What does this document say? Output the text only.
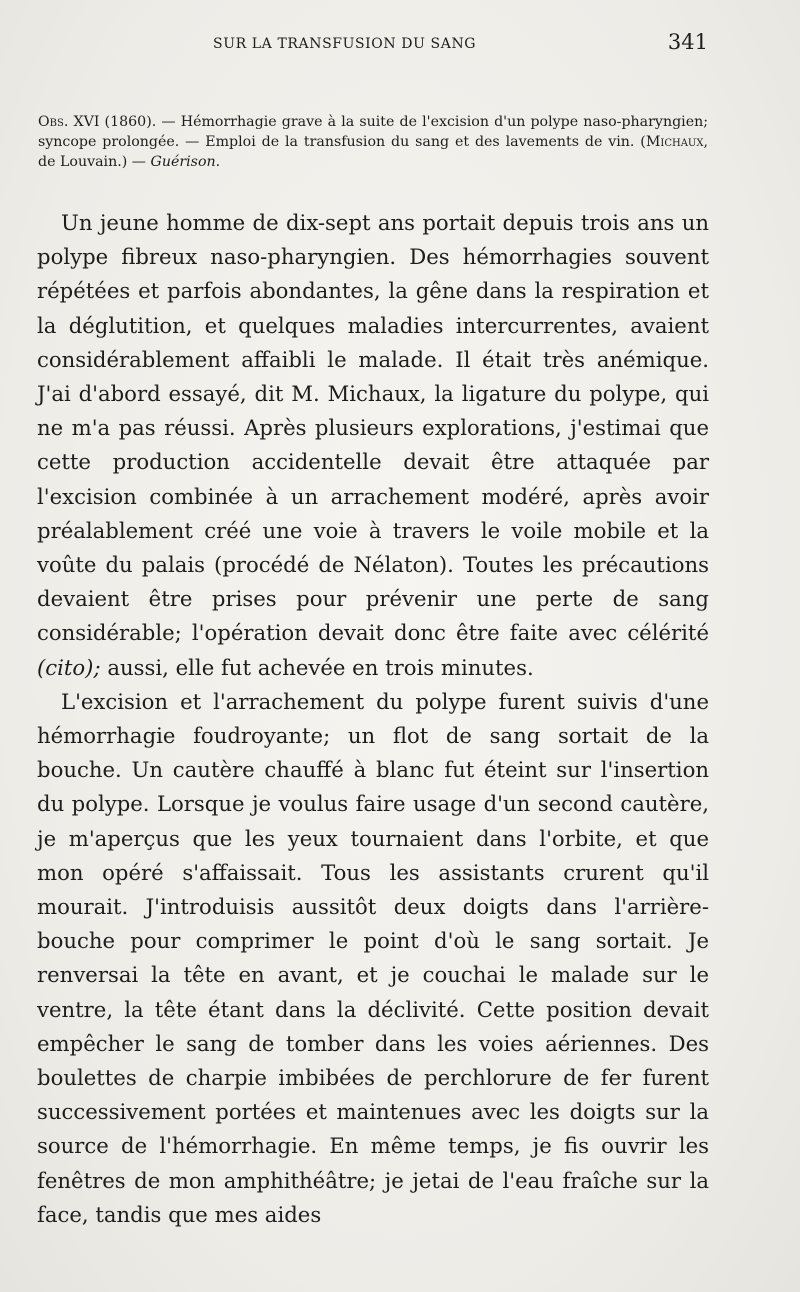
SUR LA TRANSFUSION DU SANG	341
Obs. XVI (1860). — Hémorrhagie grave à la suite de l'excision d'un polype naso-pharyngien; syncope prolongée. — Emploi de la transfusion du sang et des lavements de vin. (Michaux, de Louvain.) — Guérison.

Un jeune homme de dix-sept ans portait depuis trois ans un polype fibreux naso-pharyngien. Des hémorrhagies souvent répétées et parfois abondantes, la gêne dans la respiration et la déglutition, et quelques maladies intercurrentes, avaient considérablement affaibli le malade. Il était très anémique. J'ai d'abord essayé, dit M. Michaux, la ligature du polype, qui ne m'a pas réussi. Après plusieurs explorations, j'estimai que cette production accidentelle devait être attaquée par l'excision combinée à un arrachement modéré, après avoir préalablement créé une voie à travers le voile mobile et la voûte du palais (procédé de Nélaton). Toutes les précautions devaient être prises pour prévenir une perte de sang considérable; l'opération devait donc être faite avec célérité (cito); aussi, elle fut achevée en trois minutes.

L'excision et l'arrachement du polype furent suivis d'une hémorrhagie foudroyante; un flot de sang sortait de la bouche. Un cautère chauffé à blanc fut éteint sur l'insertion du polype. Lorsque je voulus faire usage d'un second cautère, je m'aperçus que les yeux tournaient dans l'orbite, et que mon opéré s'affaissait. Tous les assistants crurent qu'il mourait. J'introduisis aussitôt deux doigts dans l'arrière-bouche pour comprimer le point d'où le sang sortait. Je renversai la tête en avant, et je couchai le malade sur le ventre, la tête étant dans la déclivité. Cette position devait empêcher le sang de tomber dans les voies aériennes. Des boulettes de charpie imbibées de perchlorure de fer furent successivement portées et maintenues avec les doigts sur la source de l'hémorrhagie. En même temps, je fis ouvrir les fenêtres de mon amphithéâtre; je jetai de l'eau fraîche sur la face, tandis que mes aides
